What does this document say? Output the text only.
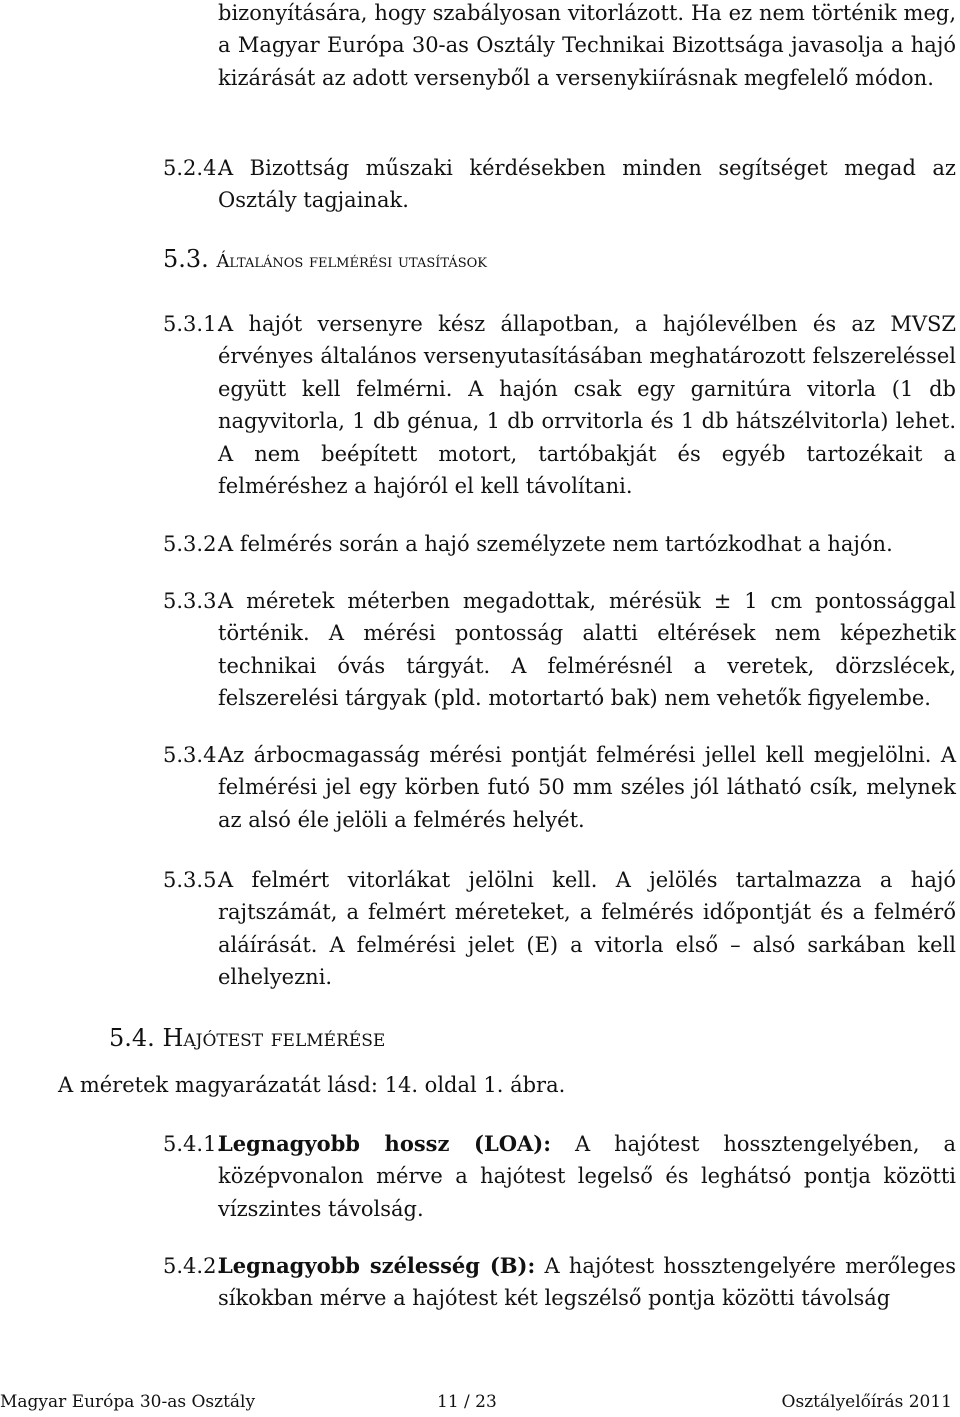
bizonyítására, hogy szabályosan vitorlázott. Ha ez nem történik meg, a Magyar Európa 30-as Osztály Technikai Bizottsága javasolja a hajó kizárását az adott versenyből a versenykiírásnak megfelelő módon.

5.2.4.
A Bizottság műszaki kérdésekben minden segítséget megad az Osztály tagjainak.

5.3. Általános felmérési utasítások

5.3.1.
A hajót versenyre kész állapotban, a hajólevélben és az MVSZ érvényes általános versenyutasításában meghatározott felszereléssel együtt kell felmérni. A hajón csak egy garnitúra vitorla (1 db nagyvitorla, 1 db génua, 1 db orrvitorla és 1 db hátszélvitorla) lehet. A nem beépített motort, tartóbakját és egyéb tartozékait a felméréshez a hajóról el kell távolítani.

5.3.2.
A felmérés során a hajó személyzete nem tartózkodhat a hajón.

5.3.3.
A méretek méterben megadottak, mérésük ± 1 cm pontossággal történik. A mérési pontosság alatti eltérések nem képezhetik technikai óvás tárgyát. A felmérésnél a veretek, dörzslécek, felszerelési tárgyak (pld. motortartó bak) nem vehetők figyelembe.

5.3.4.
Az árbocmagasság mérési pontját felmérési jellel kell megjelölni. A felmérési jel egy körben futó 50 mm széles jól látható csík, melynek az alsó éle jelöli a felmérés helyét.

5.3.5.
A felmért vitorlákat jelölni kell. A jelölés tartalmazza a hajó rajtszámát, a felmért méreteket, a felmérés időpontját és a felmérő aláírását. A felmérési jelet (E) a vitorla első – alsó sarkában kell elhelyezni.

5.4. Hajótest felmérése

A méretek magyarázatát lásd: 14. oldal 1. ábra.

5.4.1.
Legnagyobb hossz (LOA): A hajótest hossztengelyében, a középvonalon mérve a hajótest legelső és leghátsó pontja közötti vízszintes távolság.

5.4.2.
Legnagyobb szélesség (B): A hajótest hossztengelyére merőleges síkokban mérve a hajótest két legszélső pontja közötti távolság

Magyar Európa 30-as Osztály	11 / 23	Osztályelőírás 2011
